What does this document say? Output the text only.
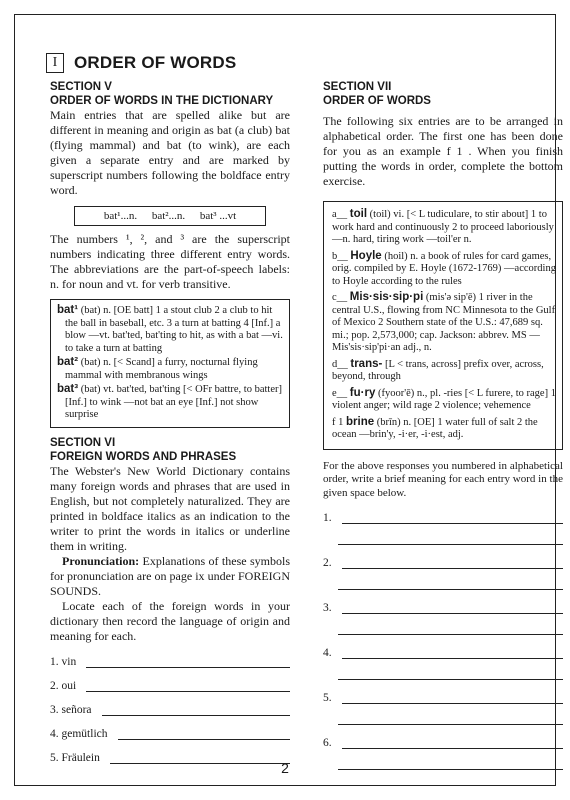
I ORDER OF WORDS
SECTION V
ORDER OF WORDS IN THE DICTIONARY

Main entries that are spelled alike but are different in meaning and origin as bat (a club) bat (flying mammal) and bat (to wink), are each given a separate entry and are marked by superscript numbers following the boldface entry word.

bat¹...n. bat²...n. bat³ ...vt

The numbers ¹, ², and ³ are the superscript numbers indicating three different entry words. The abbreviations are the part-of-speech labels: n. for noun and vt. for verb transitive.

bat¹ (bat) n. [OE batt] 1 a stout club 2 a club to hit the ball in baseball, etc. 3 a turn at batting 4 [Inf.] a blow —vt. bat'ted, bat'ting to hit, as with a bat —vi. to take a turn at batting
bat² (bat) n. [< Scand] a furry, nocturnal flying mammal with membranous wings
bat³ (bat) vt. bat'ted, bat'ting [< OFr battre, to batter] [Inf.] to wink —not bat an eye [Inf.] not show surprise
SECTION VI
FOREIGN WORDS AND PHRASES

The Webster's New World Dictionary contains many foreign words and phrases that are used in English, but not completely naturalized. They are printed in boldface italics as an indication to the writer to print the words in italics or underline them in writing.

Pronunciation: Explanations of these symbols for pronunciation are on page ix under FOREIGN SOUNDS.

Locate each of the foreign words in your dictionary then record the language of origin and meaning for each.

1. vin
2. oui
3. señora
4. gemütlich
5. Fräulein
SECTION VII
ORDER OF WORDS

The following six entries are to be arranged in alphabetical order. The first one has been done for you as an example f 1 . When you finish putting the words in order, complete the bottom exercise.

a__ toil (toil) vi. [< L tudiculare, to stir about] 1 to work hard and continuously 2 to proceed laboriously —n. hard, tiring work —toil'er n.
b__ Hoyle (hoil) n. a book of rules for card games, orig. compiled by E. Hoyle (1672-1769) —according to Hoyle according to the rules
c__ Mis·sis·sip·pi (mis'ə sip'ē) 1 river in the central U.S., flowing from NC Minnesota to the Gulf of Mexico 2 Southern state of the U.S.: 47,689 sq. mi.; pop. 2,573,000; cap. Jackson: abbrev. MS —Mis'sis·sip'pi·an adj., n.
d__ trans- [L < trans, across] prefix over, across, beyond, through
e__ fu·ry (fyoor'ē) n., pl. -ries [< L furere, to rage] 1 violent anger; wild rage 2 violence; vehemence
f 1 brine (brīn) n. [OE] 1 water full of salt 2 the ocean —brin'y, -i·er, -i·est, adj.

For the above responses you numbered in alphabetical order, write a brief meaning for each entry word in the given space below.

1.
2.
3.
4.
5.
6.
2
